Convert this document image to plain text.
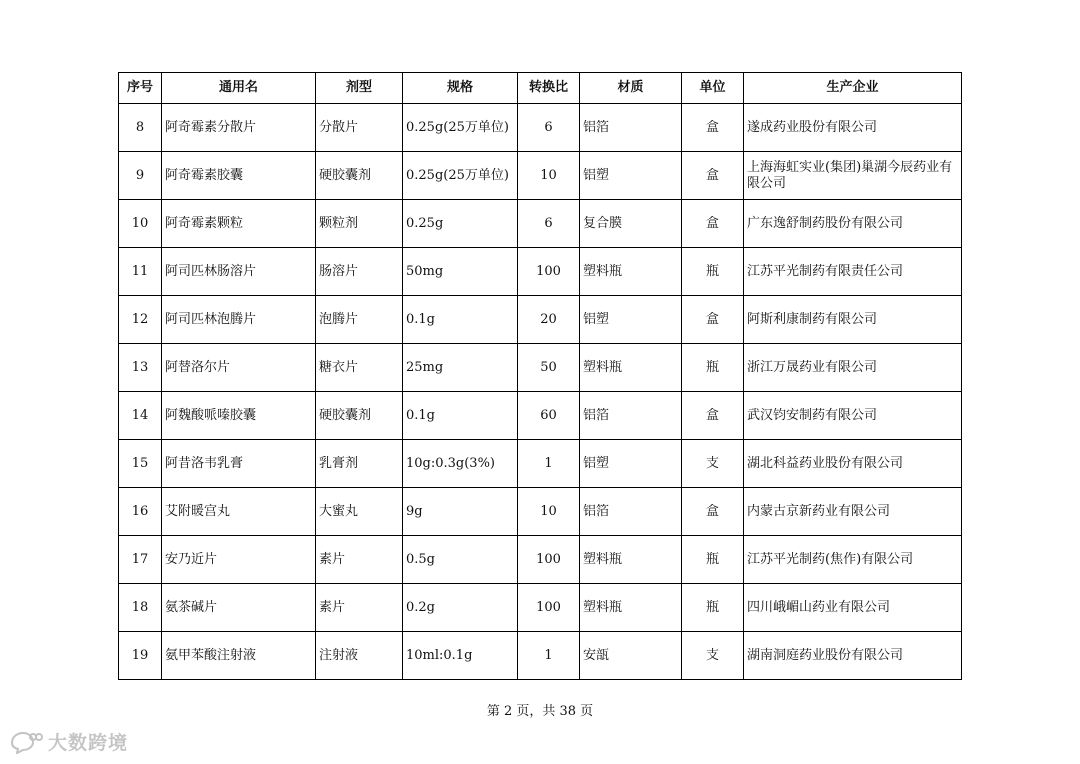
序号	通用名	剂型	规格	转换比	材质	单位	生产企业
8	阿奇霉素分散片	分散片	0.25g(25万单位)	6	铝箔	盒	遂成药业股份有限公司
9	阿奇霉素胶囊	硬胶囊剂	0.25g(25万单位)	10	铝塑	盒	上海海虹实业(集团)巢湖今辰药业有限公司
10	阿奇霉素颗粒	颗粒剂	0.25g	6	复合膜	盒	广东逸舒制药股份有限公司
11	阿司匹林肠溶片	肠溶片	50mg	100	塑料瓶	瓶	江苏平光制药有限责任公司
12	阿司匹林泡腾片	泡腾片	0.1g	20	铝塑	盒	阿斯利康制药有限公司
13	阿替洛尔片	糖衣片	25mg	50	塑料瓶	瓶	浙江万晟药业有限公司
14	阿魏酸哌嗪胶囊	硬胶囊剂	0.1g	60	铝箔	盒	武汉钧安制药有限公司
15	阿昔洛韦乳膏	乳膏剂	10g:0.3g(3%)	1	铝塑	支	湖北科益药业股份有限公司
16	艾附暖宫丸	大蜜丸	9g	10	铝箔	盒	内蒙古京新药业有限公司
17	安乃近片	素片	0.5g	100	塑料瓶	瓶	江苏平光制药(焦作)有限公司
18	氨茶碱片	素片	0.2g	100	塑料瓶	瓶	四川峨嵋山药业有限公司
19	氨甲苯酸注射液	注射液	10ml:0.1g	1	安瓿	支	湖南洞庭药业股份有限公司
第 2 页，共 38 页
大数跨境
